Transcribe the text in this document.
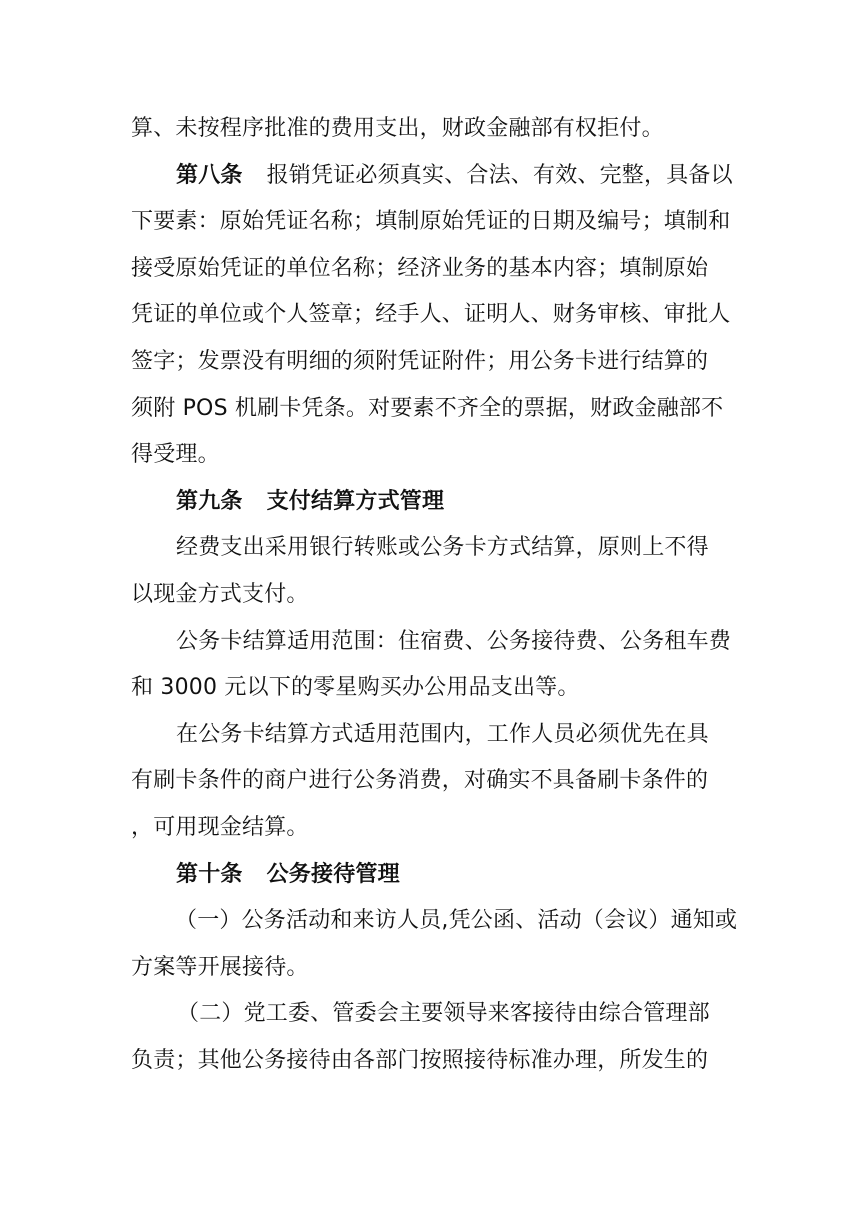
算、未按程序批准的费用支出，财政金融部有权拒付。
第八条 报销凭证必须真实、合法、有效、完整，具备以
下要素：原始凭证名称；填制原始凭证的日期及编号；填制和
接受原始凭证的单位名称；经济业务的基本内容；填制原始
凭证的单位或个人签章；经手人、证明人、财务审核、审批人
签字；发票没有明细的须附凭证附件；用公务卡进行结算的
须附 POS 机刷卡凭条。对要素不齐全的票据，财政金融部不
得受理。
第九条 支付结算方式管理
经费支出采用银行转账或公务卡方式结算，原则上不得
以现金方式支付。
公务卡结算适用范围：住宿费、公务接待费、公务租车费
和 3000 元以下的零星购买办公用品支出等。
在公务卡结算方式适用范围内，工作人员必须优先在具
有刷卡条件的商户进行公务消费，对确实不具备刷卡条件的
，可用现金结算。
第十条 公务接待管理
（一）公务活动和来访人员,凭公函、活动（会议）通知或
方案等开展接待。
（二）党工委、管委会主要领导来客接待由综合管理部
负责；其他公务接待由各部门按照接待标准办理，所发生的
